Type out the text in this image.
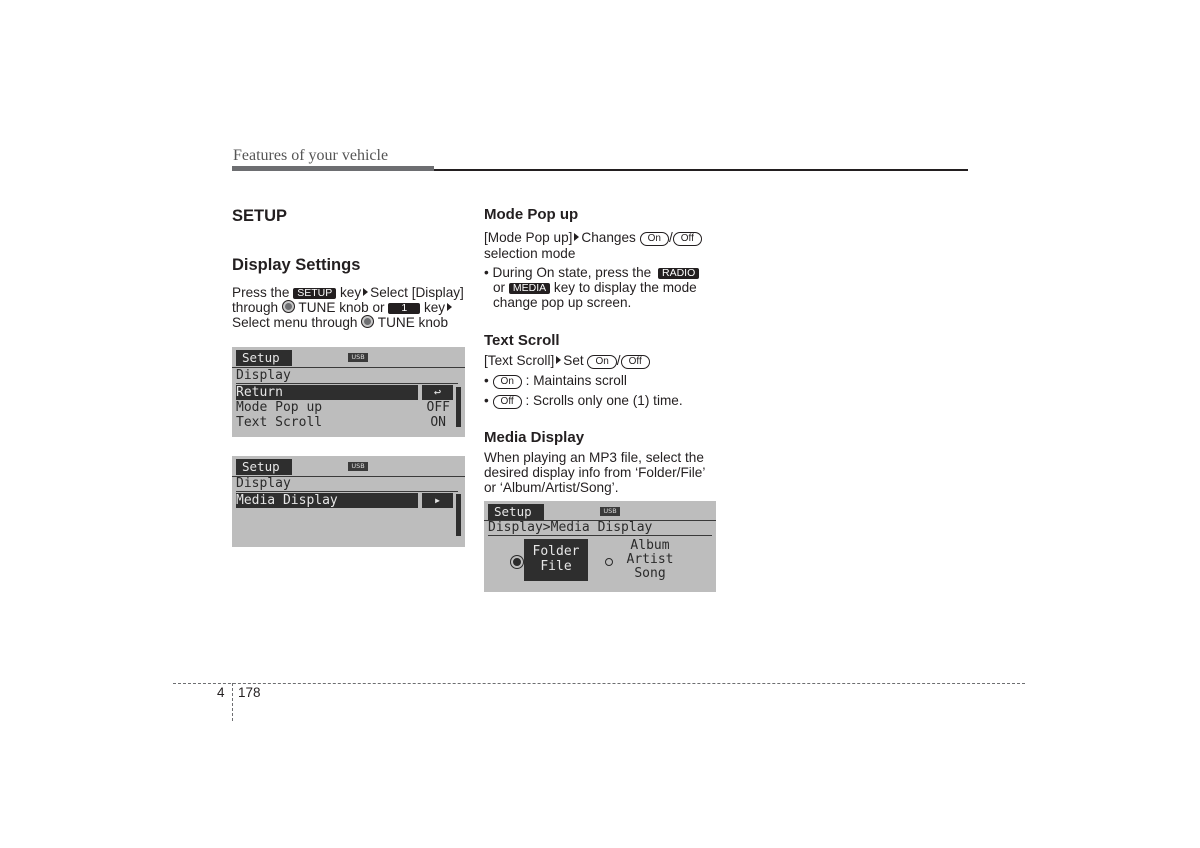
Features of your vehicle

SETUP

Display Settings

Press the SETUP key Select [Display]

through TUNE knob or 1 key

Select menu through TUNE knob

Setup	USB
Display
Return	↩
Mode Pop up	OFF
Text Scroll	ON
Setup	USB
Display
Media Display	▸

Mode Pop up

[Mode Pop up] Changes On / Off

selection mode

• During On state, press the RADIO

or MEDIA key to display the mode

change pop up screen.

Text Scroll

[Text Scroll] Set On / Off

• On : Maintains scroll

• Off : Scrolls only one (1) time.

Media Display

When playing an MP3 file, select the

desired display info from ‘Folder/File’

or ‘Album/Artist/Song’.

Setup	USB
Display>Media Display
Folder
File
Album
Artist
Song
4 178
